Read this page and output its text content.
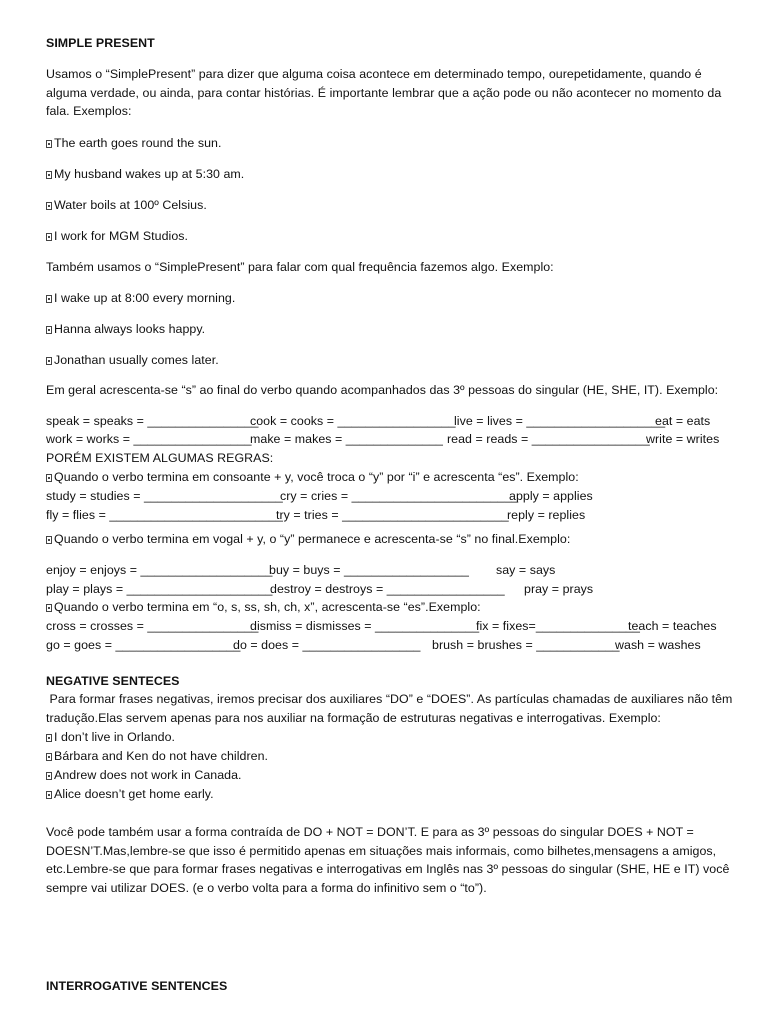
SIMPLE PRESENT

Usamos o “SimplePresent” para dizer que alguma coisa acontece em determinado tempo, ourepetidamente, quando é alguma verdade, ou ainda, para contar histórias. É importante lembrar que a ação pode ou não acontecer no momento da fala. Exemplos:

The earth goes round the sun.

My husband wakes up at 5:30 am.

Water boils at 100º Celsius.

I work for MGM Studios.

Também usamos o “SimplePresent” para falar com qual frequência fazemos algo. Exemplo:

I wake up at 8:00 every morning.

Hanna always looks happy.

Jonathan usually comes later.

Em geral acrescenta-se “s” ao final do verbo quando acompanhados das 3º pessoas do singular (HE, SHE, IT). Exemplo:

speak = speaks = ________________
cook = cooks = _________________
live = lives = ____________________
eat = eats
work = works = _________________
make = makes = ______________ read = reads = _________________
write = writes

PORÉM EXISTEM ALGUMAS REGRAS:

Quando o verbo termina em consoante + y, você troca o “y” por “i” e acrescenta “es”. Exemplo:

study = studies = ____________________
cry = cries = ________________________
apply = applies
fly = flies = _________________________
try = tries = ________________________
reply = replies

Quando o verbo termina em vogal + y, o “y” permanece e acrescenta-se “s” no final.Exemplo:

enjoy = enjoys = ___________________
buy = buys = __________________ say = says
play = plays = _____________________
destroy = destroys = _________________ pray = prays

Quando o verbo termina em “o, s, ss, sh, ch, x”, acrescenta-se “es”.Exemplo:

cross = crosses = ________________
dismiss = dismisses = _______________
fix = fixes=_______________
teach = teaches
go = goes = __________________
do = does = _________________ brush = brushes = ____________
wash = washes

NEGATIVE SENTECES

Para formar frases negativas, iremos precisar dos auxiliares “DO” e “DOES”. As partículas chamadas de auxiliares não têm tradução.Elas servem apenas para nos auxiliar na formação de estruturas negativas e interrogativas. Exemplo:

I don’t live in Orlando.

Bárbara and Ken do not have children.

Andrew does not work in Canada.

Alice doesn’t get home early.

Você pode também usar a forma contraída de DO + NOT = DON’T. E para as 3º pessoas do singular DOES + NOT = DOESN’T.Mas,lembre-se que isso é permitido apenas em situações mais informais, como bilhetes,mensagens a amigos, etc.Lembre-se que para formar frases negativas e interrogativas em Inglês nas 3º pessoas do singular (SHE, HE e IT) você sempre vai utilizar DOES. (e o verbo volta para a forma do infinitivo sem o “to”).

INTERROGATIVE SENTENCES
